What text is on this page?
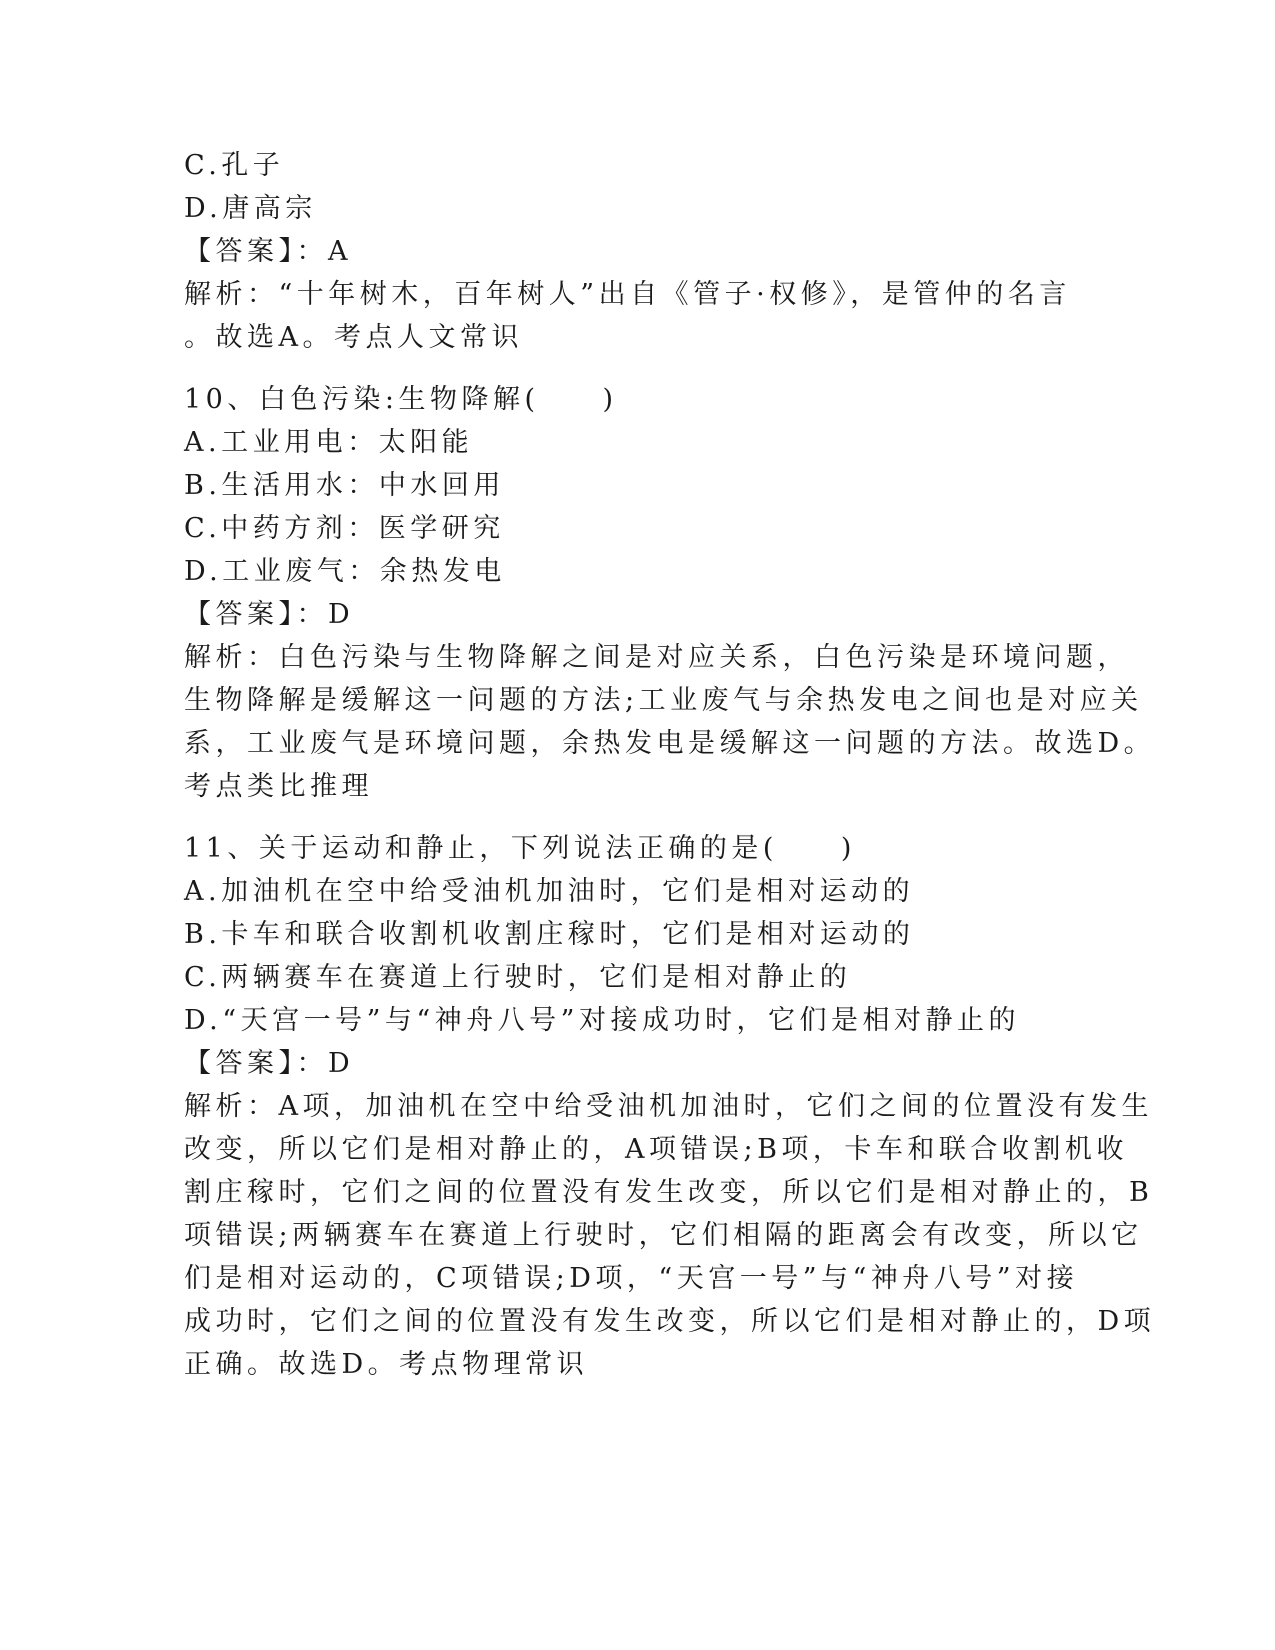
C.孔子
D.唐高宗
【答案】：A
解析：“十年树木，百年树人”出自《管子·权修》，是管仲的名言
。故选A。考点人文常识
10、白色污染:生物降解(　　)
A.工业用电：太阳能
B.生活用水：中水回用
C.中药方剂：医学研究
D.工业废气：余热发电
【答案】：D
解析：白色污染与生物降解之间是对应关系，白色污染是环境问题，
生物降解是缓解这一问题的方法;工业废气与余热发电之间也是对应关
系，工业废气是环境问题，余热发电是缓解这一问题的方法。故选D。
考点类比推理
11、关于运动和静止，下列说法正确的是(　　)
A.加油机在空中给受油机加油时，它们是相对运动的
B.卡车和联合收割机收割庄稼时，它们是相对运动的
C.两辆赛车在赛道上行驶时，它们是相对静止的
D.“天宫一号”与“神舟八号”对接成功时，它们是相对静止的
【答案】：D
解析：A项，加油机在空中给受油机加油时，它们之间的位置没有发生
改变，所以它们是相对静止的，A项错误;B项，卡车和联合收割机收
割庄稼时，它们之间的位置没有发生改变，所以它们是相对静止的，B
项错误;两辆赛车在赛道上行驶时，它们相隔的距离会有改变，所以它
们是相对运动的，C项错误;D项，“天宫一号”与“神舟八号”对接
成功时，它们之间的位置没有发生改变，所以它们是相对静止的，D项
正确。故选D。考点物理常识
